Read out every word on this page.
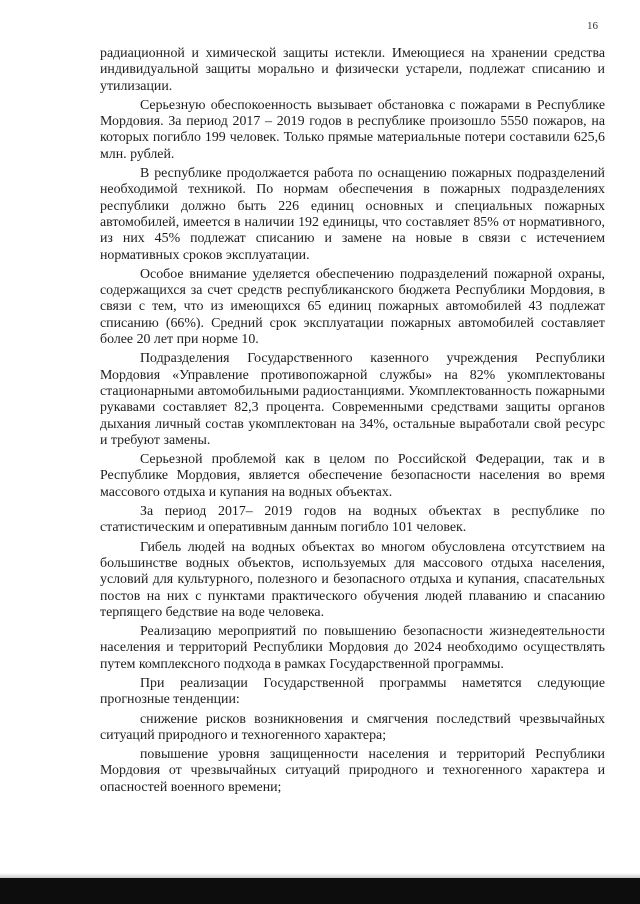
16

радиационной и химической защиты истекли. Имеющиеся на хранении средства индивидуальной защиты морально и физически устарели, подлежат списанию и утилизации.

Серьезную обеспокоенность вызывает обстановка с пожарами в Республике Мордовия. За период 2017 – 2019 годов в республике произошло 5550 пожаров, на которых погибло 199 человек. Только прямые материальные потери составили 625,6 млн. рублей.

В республике продолжается работа по оснащению пожарных подразделений необходимой техникой. По нормам обеспечения в пожарных подразделениях республики должно быть 226 единиц основных и специальных пожарных автомобилей, имеется в наличии 192 единицы, что составляет 85% от нормативного, из них 45% подлежат списанию и замене на новые в связи с истечением нормативных сроков эксплуатации.

Особое внимание уделяется обеспечению подразделений пожарной охраны, содержащихся за счет средств республиканского бюджета Республики Мордовия, в связи с тем, что из имеющихся 65 единиц пожарных автомобилей 43 подлежат списанию (66%). Средний срок эксплуатации пожарных автомобилей составляет более 20 лет при норме 10.

Подразделения Государственного казенного учреждения Республики Мордовия «Управление противопожарной службы» на 82% укомплектованы стационарными автомобильными радиостанциями. Укомплектованность пожарными рукавами составляет 82,3 процента. Современными средствами защиты органов дыхания личный состав укомплектован на 34%, остальные выработали свой ресурс и требуют замены.

Серьезной проблемой как в целом по Российской Федерации, так и в Республике Мордовия, является обеспечение безопасности населения во время массового отдыха и купания на водных объектах.

За период 2017– 2019 годов на водных объектах в республике по статистическим и оперативным данным погибло 101 человек.

Гибель людей на водных объектах во многом обусловлена отсутствием на большинстве водных объектов, используемых для массового отдыха населения, условий для культурного, полезного и безопасного отдыха и купания, спасательных постов на них с пунктами практического обучения людей плаванию и спасанию терпящего бедствие на воде человека.

Реализацию мероприятий по повышению безопасности жизнедеятельности населения и территорий Республики Мордовия до 2024 необходимо осуществлять путем комплексного подхода в рамках Государственной программы.

При реализации Государственной программы наметятся следующие прогнозные тенденции:

снижение рисков возникновения и смягчения последствий чрезвычайных ситуаций природного и техногенного характера;

повышение уровня защищенности населения и территорий Республики Мордовия от чрезвычайных ситуаций природного и техногенного характера и опасностей военного времени;
